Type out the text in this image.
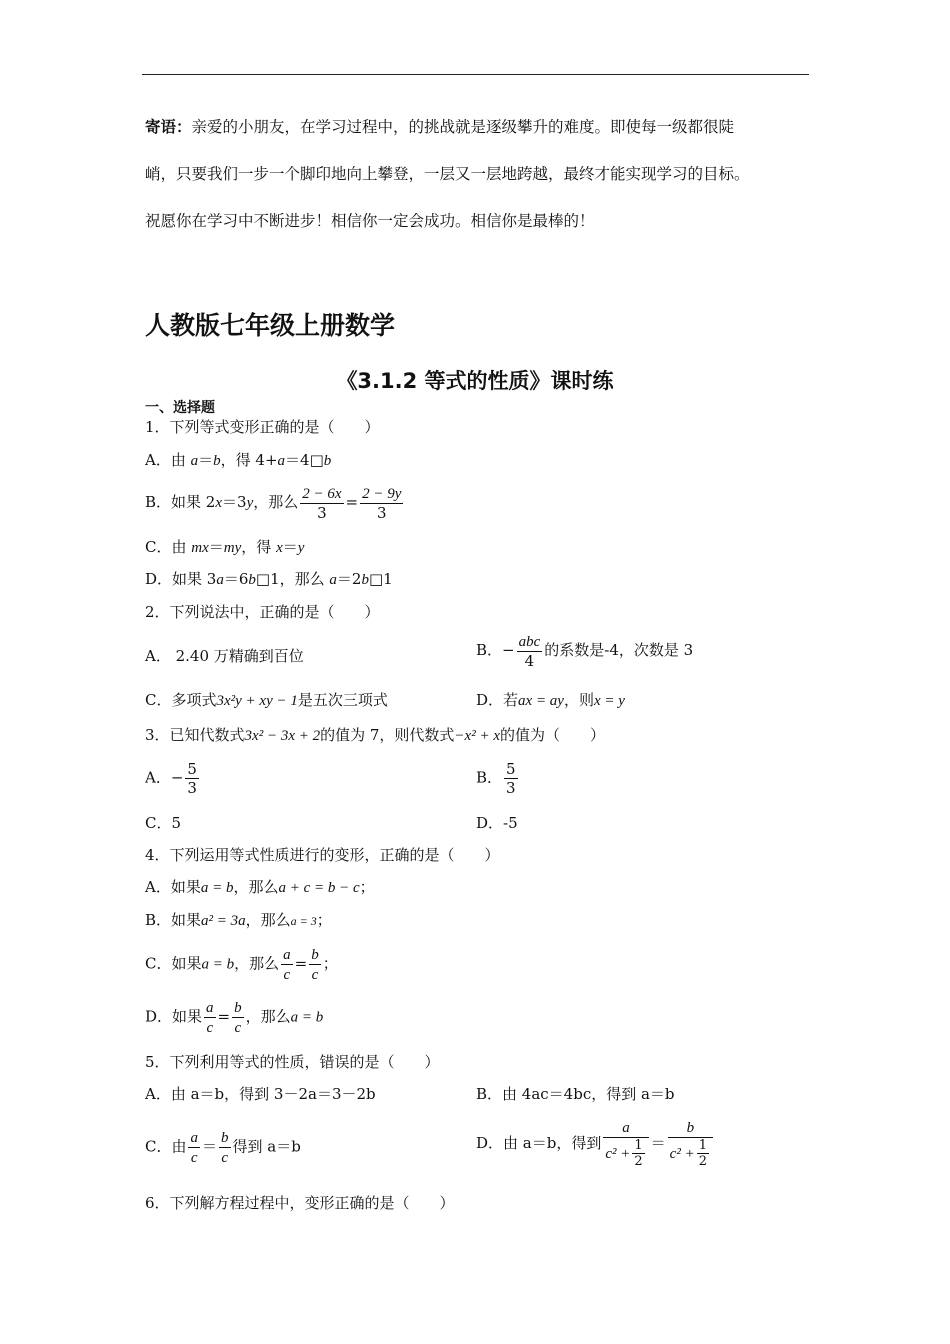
寄语：亲爱的小朋友，在学习过程中，的挑战就是逐级攀升的难度。即使每一级都很陡
峭，只要我们一步一个脚印地向上攀登，一层又一层地跨越，最终才能实现学习的目标。
祝愿你在学习中不断进步！相信你一定会成功。相信你是最棒的！
人教版七年级上册数学
《3.1.2 等式的性质》课时练
一、选择题
1．下列等式变形正确的是（　　）
A．由 a＝b，得 4+a＝4□b
B．如果 2x＝3y，那么 $\frac{2 - 6x}{3} = \frac{2 - 9y}{3}$
C．由 mx＝my，得 x＝y
D．如果 3a＝6b□1，那么 a＝2b□1
2．下列说法中，正确的是（　　）
A． 2.40 万精确到百位	B．− $\frac{\text{abc}}{4}$ 的系数是-4，次数是 3
C．多项式3x²y + xy − 1是五次三项式	D．若ax = ay，则x = y
3．已知代数式3x² − 3x + 2的值为 7，则代数式−x² + x的值为（　　）
A．− $\frac{5}{3}$	B． $\frac{5}{3}$
C．5	D．-5
4．下列运用等式性质进行的变形，正确的是（　　）
A．如果a = b，那么a + c = b − c；
B．如果a² = 3a，那么a = 3；
C．如果a = b，那么 $\frac{a}{c} = \frac{b}{c}$ ；
D．如果 $\frac{a}{c} = \frac{b}{c}$ ，那么a = b
5．下列利用等式的性质，错误的是（　　）
A．由 a＝b，得到 3－2a＝3－2b	B．由 4ac＝4bc，得到 a＝b
C．由 $\frac{a}{c} = \frac{b}{c}$ 得到 a＝b	D．由 a＝b，得到 $\frac{a}{c^2 + \frac{1}{2}} = \frac{b}{c^2 + \frac{1}{2}}$
6．下列解方程过程中，变形正确的是（　　）
